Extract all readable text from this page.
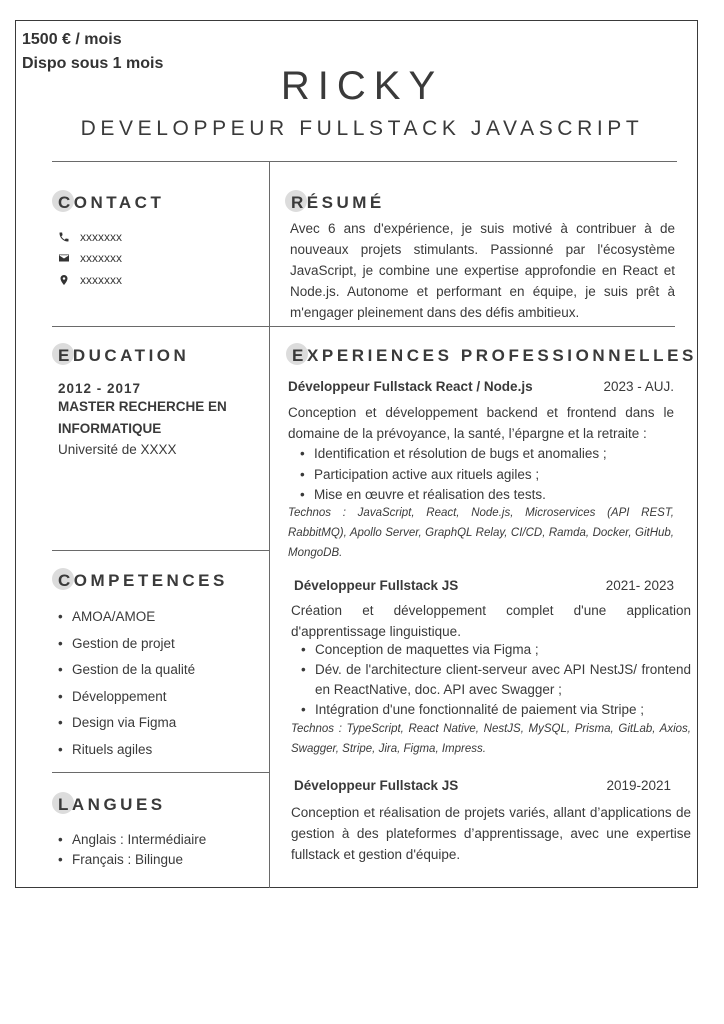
1500 € / mois
Dispo sous 1 mois
RICKY
DEVELOPPEUR FULLSTACK JAVASCRIPT
CONTACT
xxxxxxx
xxxxxxx
xxxxxxx
RÉSUMÉ
Avec 6 ans d'expérience, je suis motivé à contribuer à de nouveaux projets stimulants. Passionné par l'écosystème JavaScript, je combine une expertise approfondie en React et Node.js. Autonome et performant en équipe, je suis prêt à m'engager pleinement dans des défis ambitieux.
EDUCATION
2012 - 2017
MASTER RECHERCHE EN
INFORMATIQUE
Université de XXXX
COMPETENCES
• AMOA/AMOE
• Gestion de projet
• Gestion de la qualité
• Développement
• Design via Figma
• Rituels agiles
LANGUES
• Anglais : Intermédiaire
• Français : Bilingue
EXPERIENCES PROFESSIONNELLES
Développeur Fullstack React / Node.js	2023 - AUJ.
Conception et développement backend et frontend dans le domaine de la prévoyance, la santé, l’épargne et la retraite :
• Identification et résolution de bugs et anomalies ;
• Participation active aux rituels agiles ;
• Mise en œuvre et réalisation des tests.
Technos : JavaScript, React, Node.js, Microservices (API REST, RabbitMQ), Apollo Server, GraphQL Relay, CI/CD, Ramda, Docker, GitHub, MongoDB.
Développeur Fullstack JS	2021- 2023
Création et développement complet d'une application d'apprentissage linguistique.
• Conception de maquettes via Figma ;
• Dév. de l'architecture client-serveur avec API NestJS/ frontend en ReactNative, doc. API avec Swagger ;
• Intégration d'une fonctionnalité de paiement via Stripe ;
Technos : TypeScript, React Native, NestJS, MySQL, Prisma, GitLab, Axios, Swagger, Stripe, Jira, Figma, Impress.
Développeur Fullstack JS	2019-2021
Conception et réalisation de projets variés, allant d’applications de gestion à des plateformes d’apprentissage, avec une expertise fullstack et gestion d'équipe.
